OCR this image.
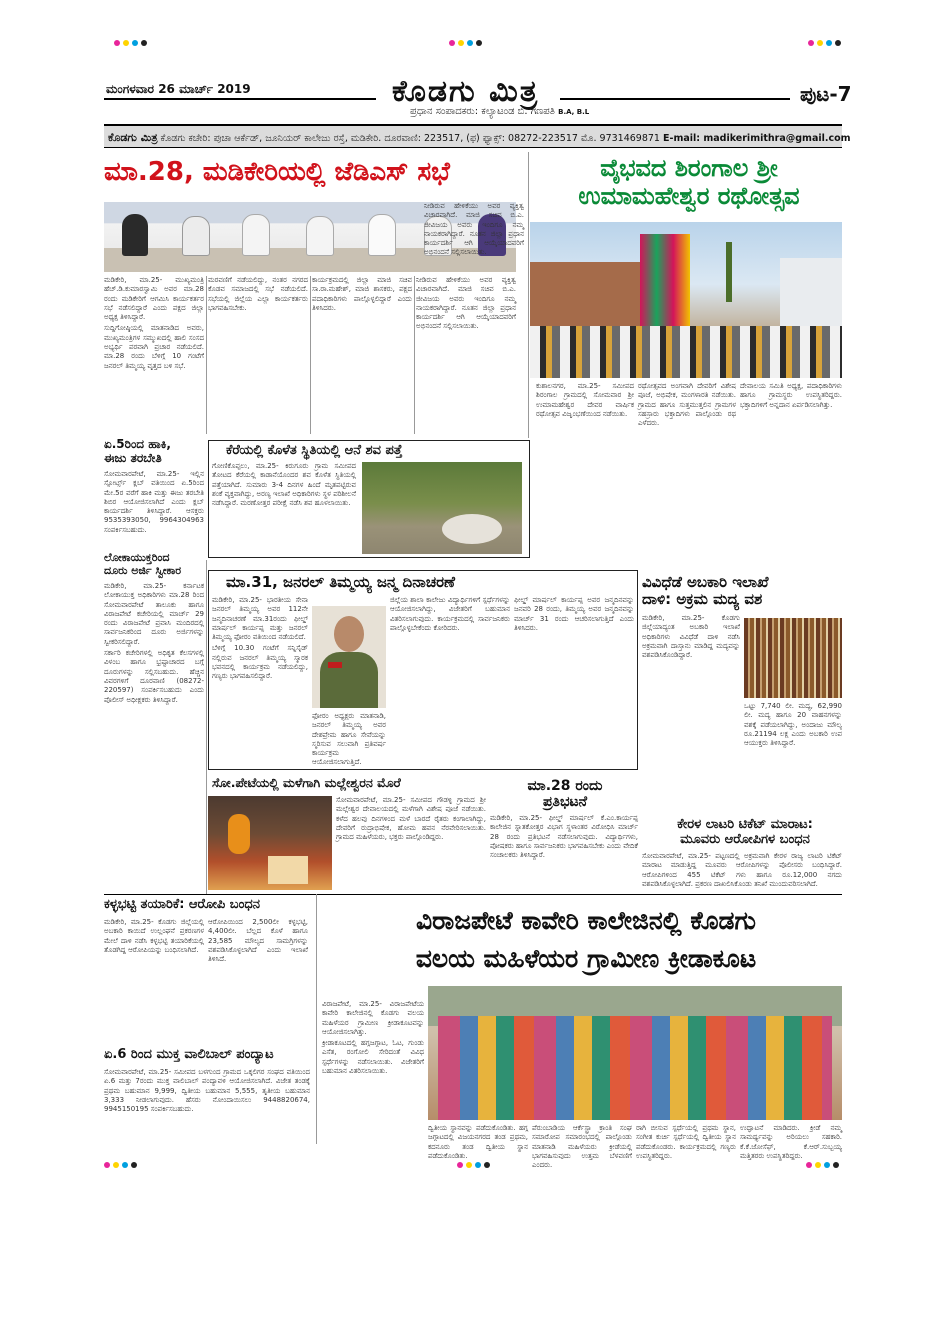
ಮಂಗಳವಾರ 26 ಮಾರ್ಚ್ 2019	ಕೊಡಗು ಮಿತ್ರ
ಪ್ರಧಾನ ಸಂಪಾದಕರು: ಕಲ್ಯಾಟಂಡ ಬಿ. ಗಣಪತಿ B.A, B.L
ಪುಟ-7
ಕೊಡಗು ಮಿತ್ರ ಕೊಡಗು ಕಚೇರಿ: ಪುಚಾ ಆರ್ಕೆಡ್, ಜೂನಿಯರ್ ಕಾಲೇಜು ರಸ್ತೆ, ಮಡಿಕೇರಿ. ದೂರವಾಣಿ: 223517, (ಫ) ಫ್ಯಾಕ್ಸ್: 08272-223517 ಮೊ. 9731469871 E-mail: madikerimithra@gmail.com
ಮಾ.28, ಮಡಿಕೇರಿಯಲ್ಲಿ ಜೆಡಿಎಸ್ ಸಭೆ

ಮಡಿಕೇರಿ, ಮಾ.25- ಮುಖ್ಯಮಂತ್ರಿ ಹೆಚ್.ಡಿ.ಕುಮಾರಸ್ವಾಮಿ ಅವರ ಮಾ.28 ರಂದು ಮಡಿಕೇರಿಗೆ ಆಗಮಿಸಿ ಕಾರ್ಯಕರ್ತರ ಸಭೆ ನಡೆಸಲಿದ್ದಾರೆ ಎಂದು ಪಕ್ಷದ ಜಿಲ್ಲಾ ಅಧ್ಯಕ್ಷ ತಿಳಿಸಿದ್ದಾರೆ.

ಸುದ್ದಿಗೋಷ್ಠಿಯಲ್ಲಿ ಮಾತನಾಡಿದ ಅವರು, ಮುಖ್ಯಮಂತ್ರಿಗಳ ಸಮ್ಮುಖದಲ್ಲಿ ಹಾಲಿ ಸಂಸದ ಅಭ್ಯರ್ಥಿ ಪರವಾಗಿ ಪ್ರಚಾರ ನಡೆಯಲಿದೆ. ಮಾ.28 ರಂದು ಬೆಳಿಗ್ಗೆ 10 ಗಂಟೆಗೆ ಜನರಲ್ ತಿಮ್ಮಯ್ಯ ವೃತ್ತದ ಬಳಿ ಸಭೆ.

ಮರವಣಿಗೆ ನಡೆಯಲಿದ್ದು, ನಂತರ ನಗರದ ಕೊಡವ ಸಮಾಜದಲ್ಲಿ ಸಭೆ ನಡೆಯಲಿದೆ. ಸಭೆಯಲ್ಲಿ ಜಿಲ್ಲೆಯ ಎಲ್ಲಾ ಕಾರ್ಯಕರ್ತರು ಭಾಗವಹಿಸಬೇಕು.

ಕಾರ್ಯಕ್ರಮದಲ್ಲಿ ಜಿಲ್ಲಾ ಮಾಜಿ ಸಚಿವ ಸಾ.ರಾ.ಮಹೇಶ್, ಮಾಜಿ ಶಾಸಕರು, ಪಕ್ಷದ ಪದಾಧಿಕಾರಿಗಳು ಪಾಲ್ಗೊಳ್ಳಲಿದ್ದಾರೆ ಎಂದು ತಿಳಿಸಿದರು.

ನೀಡಿರುವ ಹೇಳಿಕೆಯು ಅವರ ವ್ಯಕ್ತಿತ್ವ ವಿಚಾರವಾಗಿದೆ. ಮಾಜಿ ಸಚಿವ ಬಿ.ಎ. ಜೀವಿಜಯ ಅವರು ಇಂದಿಗೂ ನಮ್ಮ ನಾಯಕರಾಗಿದ್ದಾರೆ. ನೂತನ ಜಿಲ್ಲಾ ಪ್ರಧಾನ ಕಾರ್ಯದರ್ಶಿ ಆಗಿ ಆಯ್ಕೆಯಾದವರಿಗೆ ಅಭಿನಂದನೆ ಸಲ್ಲಿಸಲಾಯಿತು.

ವೈಭವದ ಶಿರಂಗಾಲ ಶ್ರೀ
ಉಮಾಮಹೇಶ್ವರ ರಥೋತ್ಸವ

ನೀಡಿರುವ ಹೇಳಿಕೆಯು ಅವರ ವ್ಯಕ್ತಿತ್ವ ವಿಚಾರವಾಗಿದೆ. ಮಾಜಿ ಸಚಿವ ಬಿ.ಎ. ಜೀವಿಜಯ ಅವರು ಇಂದಿಗೂ ನಮ್ಮ ನಾಯಕರಾಗಿದ್ದಾರೆ. ನೂತನ ಜಿಲ್ಲಾ ಪ್ರಧಾನ ಕಾರ್ಯದರ್ಶಿ ಆಗಿ ಆಯ್ಕೆಯಾದವರಿಗೆ ಅಭಿನಂದನೆ ಸಲ್ಲಿಸಲಾಯಿತು.

ಕುಶಾಲನಗರ, ಮಾ.25- ಸಮೀಪದ ಶಿರಂಗಾಲ ಗ್ರಾಮದಲ್ಲಿ ಸೋಮವಾರ ಶ್ರೀ ಉಮಾಮಹೇಶ್ವರ ದೇವರ ವಾರ್ಷಿಕ ರಥೋತ್ಸವ ವಿಜೃಂಭಣೆಯಿಂದ ನಡೆಯಿತು.

ರಥೋತ್ಸವದ ಅಂಗವಾಗಿ ದೇವರಿಗೆ ವಿಶೇಷ ಪೂಜೆ, ಅಭಿಷೇಕ, ಮಂಗಳಾರತಿ ನಡೆಯಿತು. ಗ್ರಾಮದ ಹಾಗೂ ಸುತ್ತಮುತ್ತಲಿನ ಗ್ರಾಮಗಳ ಸಹಸ್ರಾರು ಭಕ್ತಾದಿಗಳು ಪಾಲ್ಗೊಂಡು ರಥ ಎಳೆದರು.

ದೇವಾಲಯ ಸಮಿತಿ ಅಧ್ಯಕ್ಷ, ಪದಾಧಿಕಾರಿಗಳು ಹಾಗೂ ಗ್ರಾಮಸ್ಥರು ಉಪಸ್ಥಿತರಿದ್ದರು. ಭಕ್ತಾದಿಗಳಿಗೆ ಅನ್ನದಾನ ಏರ್ಪಡಿಸಲಾಗಿತ್ತು.

ಏ.5ರಿಂದ ಹಾಕಿ,
ಈಜು ತರಬೇತಿ
ಸೋಮವಾರಪೇಟೆ, ಮಾ.25- ಇಲ್ಲಿನ ಸ್ಪೋರ್ಟ್ಸ್ ಕ್ಲಬ್ ವತಿಯಿಂದ ಏ.5ರಿಂದ ಮೇ.5ರ ವರೆಗೆ ಹಾಕಿ ಮತ್ತು ಈಜು ತರಬೇತಿ ಶಿಬಿರ ಆಯೋಜಿಸಲಾಗಿದೆ ಎಂದು ಕ್ಲಬ್ ಕಾರ್ಯದರ್ಶಿ ತಿಳಿಸಿದ್ದಾರೆ. ಆಸಕ್ತರು 9535393050, 9964304963 ಸಂಪರ್ಕಿಸಬಹುದು.
ಕೆರೆಯಲ್ಲಿ ಕೊಳೆತ ಸ್ಥಿತಿಯಲ್ಲಿ ಆನೆ ಶವ ಪತ್ತೆ
ಗೋಣಿಕೊಪ್ಪಲು, ಮಾ.25- ಕಿರುಗೂರು ಗ್ರಾಮ ಸಮೀಪದ ತೋಟದ ಕೆರೆಯಲ್ಲಿ ಕಾಡಾನೆಯೊಂದರ ಶವ ಕೊಳೆತ ಸ್ಥಿತಿಯಲ್ಲಿ ಪತ್ತೆಯಾಗಿದೆ. ಸುಮಾರು 3-4 ದಿನಗಳ ಹಿಂದೆ ಮೃತಪಟ್ಟಿರುವ ಶಂಕೆ ವ್ಯಕ್ತವಾಗಿದ್ದು, ಅರಣ್ಯ ಇಲಾಖೆ ಅಧಿಕಾರಿಗಳು ಸ್ಥಳ ಪರಿಶೀಲನೆ ನಡೆಸಿದ್ದಾರೆ. ಮರಣೋತ್ತರ ಪರೀಕ್ಷೆ ನಡೆಸಿ ಶವ ಹೂಳಲಾಯಿತು.
ಲೋಕಾಯುಕ್ತರಿಂದ
ದೂರು ಅರ್ಜಿ ಸ್ವೀಕಾರ

ಮಡಿಕೇರಿ, ಮಾ.25- ಕರ್ನಾಟಕ ಲೋಕಾಯುಕ್ತ ಅಧಿಕಾರಿಗಳು ಮಾ.28 ರಿಂದ ಸೋಮವಾರಪೇಟೆ ತಾಲೂಕು ಹಾಗೂ ವಿರಾಜಪೇಟೆ ಕಚೇರಿಯಲ್ಲಿ ಮಾರ್ಚ್ 29 ರಂದು ವಿರಾಜಪೇಟೆ ಪ್ರವಾಸಿ ಮಂದಿರದಲ್ಲಿ ಸಾರ್ವಜನಿಕರಿಂದ ದೂರು ಅರ್ಜಿಗಳನ್ನು ಸ್ವೀಕರಿಸಲಿದ್ದಾರೆ.

ಸರ್ಕಾರಿ ಕಚೇರಿಗಳಲ್ಲಿ ಅಧಿಕೃತ ಕೆಲಸಗಳಲ್ಲಿ ವಿಳಂಬ ಹಾಗೂ ಭ್ರಷ್ಟಾಚಾರದ ಬಗ್ಗೆ ದೂರುಗಳನ್ನು ಸಲ್ಲಿಸಬಹುದು. ಹೆಚ್ಚಿನ ವಿವರಗಳಿಗೆ ದೂರವಾಣಿ (08272-220597) ಸಂಪರ್ಕಿಸಬಹುದು ಎಂದು ಪೊಲೀಸ್ ಅಧೀಕ್ಷಕರು ತಿಳಿಸಿದ್ದಾರೆ.

ಮಾ.31, ಜನರಲ್ ತಿಮ್ಮಯ್ಯ ಜನ್ಮ ದಿನಾಚರಣೆ

ಮಡಿಕೇರಿ, ಮಾ.25- ಭಾರತೀಯ ಸೇನಾ ಜನರಲ್ ತಿಮ್ಮಯ್ಯ ಅವರ 112ನೇ ಜನ್ಮದಿನಾಚರಣೆ ಮಾ.31ರಂದು ಫೀಲ್ಡ್ ಮಾರ್ಷಲ್ ಕಾರ್ಯಪ್ಪ ಮತ್ತು ಜನರಲ್ ತಿಮ್ಮಯ್ಯ ಫೋರಂ ವತಿಯಿಂದ ನಡೆಯಲಿದೆ.

ಬೆಳಿಗ್ಗೆ 10.30 ಗಂಟೆಗೆ ಸನ್ನಿಸೈಡ್ ನಲ್ಲಿರುವ ಜನರಲ್ ತಿಮ್ಮಯ್ಯ ಸ್ಮಾರಕ ಭವನದಲ್ಲಿ ಕಾರ್ಯಕ್ರಮ ನಡೆಯಲಿದ್ದು, ಗಣ್ಯರು ಭಾಗವಹಿಸಲಿದ್ದಾರೆ.

ಫೋರಂ ಅಧ್ಯಕ್ಷರು ಮಾತನಾಡಿ, ಜನರಲ್ ತಿಮ್ಮಯ್ಯ ಅವರ ದೇಶಪ್ರೇಮ ಹಾಗೂ ಸೇವೆಯನ್ನು ಸ್ಮರಿಸುವ ಸಲುವಾಗಿ ಪ್ರತಿವರ್ಷ ಕಾರ್ಯಕ್ರಮ ಆಯೋಜಿಸಲಾಗುತ್ತಿದೆ.

ಜಿಲ್ಲೆಯ ಶಾಲಾ ಕಾಲೇಜು ವಿದ್ಯಾರ್ಥಿಗಳಿಗೆ ಸ್ಪರ್ಧೆಗಳನ್ನು ಆಯೋಜಿಸಲಾಗಿದ್ದು, ವಿಜೇತರಿಗೆ ಬಹುಮಾನ ವಿತರಿಸಲಾಗುವುದು. ಕಾರ್ಯಕ್ರಮದಲ್ಲಿ ಸಾರ್ವಜನಿಕರು ಪಾಲ್ಗೊಳ್ಳಬೇಕೆಂದು ಕೋರಿದರು.

ಫೀಲ್ಡ್ ಮಾರ್ಷಲ್ ಕಾರ್ಯಪ್ಪ ಅವರ ಜನ್ಮದಿನವನ್ನು ಜನವರಿ 28 ರಂದು, ತಿಮ್ಮಯ್ಯ ಅವರ ಜನ್ಮದಿನವನ್ನು ಮಾರ್ಚ್ 31 ರಂದು ಆಚರಿಸಲಾಗುತ್ತಿದೆ ಎಂದು ತಿಳಿಸಿದರು.

ವಿವಿಧೆಡೆ ಅಬಕಾರಿ ಇಲಾಖೆ
ದಾಳಿ: ಅಕ್ರಮ ಮದ್ಯ ವಶ

ಮಡಿಕೇರಿ, ಮಾ.25- ಕೊಡಗು ಜಿಲ್ಲೆಯಾದ್ಯಂತ ಅಬಕಾರಿ ಇಲಾಖೆ ಅಧಿಕಾರಿಗಳು ವಿವಿಧೆಡೆ ದಾಳಿ ನಡೆಸಿ ಅಕ್ರಮವಾಗಿ ದಾಸ್ತಾನು ಮಾಡಿದ್ದ ಮದ್ಯವನ್ನು ವಶಪಡಿಸಿಕೊಂಡಿದ್ದಾರೆ.

ಒಟ್ಟು 7,740 ಲೀ. ಮದ್ಯ, 62,990 ಲೀ. ಮದ್ಯ ಹಾಗೂ 20 ವಾಹನಗಳನ್ನು ವಶಕ್ಕೆ ಪಡೆಯಲಾಗಿದ್ದು, ಅಂದಾಜು ಮೌಲ್ಯ ರೂ.21194 ಲಕ್ಷ ಎಂದು ಅಬಕಾರಿ ಉಪ ಆಯುಕ್ತರು ತಿಳಿಸಿದ್ದಾರೆ.

ಸೋ.ಪೇಟೆಯಲ್ಲಿ ಮಳೆಗಾಗಿ ಮಲ್ಲೇಶ್ವರನ ಮೊರೆ
ಸೋಮವಾರಪೇಟೆ, ಮಾ.25- ಸಮೀಪದ ಗೌಡಳ್ಳಿ ಗ್ರಾಮದ ಶ್ರೀ ಮಲ್ಲೇಶ್ವರ ದೇವಾಲಯದಲ್ಲಿ ಮಳೆಗಾಗಿ ವಿಶೇಷ ಪೂಜೆ ನಡೆಯಿತು. ಕಳೆದ ಹಲವು ದಿನಗಳಿಂದ ಮಳೆ ಬಾರದೆ ರೈತರು ಕಂಗಾಲಾಗಿದ್ದು, ದೇವರಿಗೆ ರುದ್ರಾಭಿಷೇಕ, ಹೋಮ ಹವನ ನೆರವೇರಿಸಲಾಯಿತು. ಗ್ರಾಮದ ಮಹಿಳೆಯರು, ಭಕ್ತರು ಪಾಲ್ಗೊಂಡಿದ್ದರು.
ಮಾ.28 ರಂದು
ಪ್ರತಿಭಟನೆ
ಮಡಿಕೇರಿ, ಮಾ.25- ಫೀಲ್ಡ್ ಮಾರ್ಷಲ್ ಕೆ.ಎಂ.ಕಾರ್ಯಪ್ಪ ಕಾಲೇಜಿನ ಸ್ನಾತಕೋತ್ತರ ವಿಭಾಗ ಸ್ಥಳಾಂತರ ವಿರೋಧಿಸಿ ಮಾರ್ಚ್ 28 ರಂದು ಪ್ರತಿಭಟನೆ ನಡೆಸಲಾಗುವುದು. ವಿದ್ಯಾರ್ಥಿಗಳು, ಪೋಷಕರು ಹಾಗೂ ಸಾರ್ವಜನಿಕರು ಭಾಗವಹಿಸಬೇಕು ಎಂದು ವೇದಿಕೆ ಸಂಚಾಲಕರು ತಿಳಿಸಿದ್ದಾರೆ.
ಕೇರಳ ಲಾಟರಿ ಟಿಕೆಟ್ ಮಾರಾಟ:
ಮೂವರು ಆರೋಪಿಗಳ ಬಂಧನ
ಸೋಮವಾರಪೇಟೆ, ಮಾ.25- ಪಟ್ಟಣದಲ್ಲಿ ಅಕ್ರಮವಾಗಿ ಕೇರಳ ರಾಜ್ಯ ಲಾಟರಿ ಟಿಕೆಟ್ ಮಾರಾಟ ಮಾಡುತ್ತಿದ್ದ ಮೂವರು ಆರೋಪಿಗಳನ್ನು ಪೊಲೀಸರು ಬಂಧಿಸಿದ್ದಾರೆ. ಆರೋಪಿಗಳಿಂದ 455 ಟಿಕೆಟ್ ಗಳು ಹಾಗೂ ರೂ.12,000 ನಗದು ವಶಪಡಿಸಿಕೊಳ್ಳಲಾಗಿದೆ. ಪ್ರಕರಣ ದಾಖಲಿಸಿಕೊಂಡು ತನಿಖೆ ಮುಂದುವರಿಸಲಾಗಿದೆ.
ಕಳ್ಳಭಟ್ಟಿ ತಯಾರಿಕೆ: ಆರೋಪಿ ಬಂಧನ

ಮಡಿಕೇರಿ, ಮಾ.25- ಕೊಡಗು ಜಿಲ್ಲೆಯಲ್ಲಿ ಅಬಕಾರಿ ಕಾಯಿದೆ ಉಲ್ಲಂಘನೆ ಪ್ರಕರಣಗಳ ಮೇಲೆ ದಾಳಿ ನಡೆಸಿ ಕಳ್ಳಭಟ್ಟಿ ತಯಾರಿಕೆಯಲ್ಲಿ ತೊಡಗಿದ್ದ ಆರೋಪಿಯನ್ನು ಬಂಧಿಸಲಾಗಿದೆ.

ಆರೋಪಿಯಿಂದ 2,500ಲೀ ಕಳ್ಳಭಟ್ಟಿ, 4,400ಲೀ. ಬೆಲ್ಲದ ಕೊಳೆ ಹಾಗೂ 23,585 ಮೌಲ್ಯದ ಸಾಮಗ್ರಿಗಳನ್ನು ವಶಪಡಿಸಿಕೊಳ್ಳಲಾಗಿದೆ ಎಂದು ಇಲಾಖೆ ತಿಳಿಸಿದೆ.

ಏ.6 ರಿಂದ ಮುಕ್ತ ವಾಲಿಬಾಲ್ ಪಂದ್ಯಾಟ
ಸೋಮವಾರಪೇಟೆ, ಮಾ.25- ಸಮೀಪದ ಬಳಗುಂದ ಗ್ರಾಮದ ಒಕ್ಕಲಿಗರ ಸಂಘದ ವತಿಯಿಂದ ಏ.6 ಮತ್ತು 7ರಂದು ಮುಕ್ತ ವಾಲಿಬಾಲ್ ಪಂದ್ಯಾವಳಿ ಆಯೋಜಿಸಲಾಗಿದೆ. ವಿಜೇತ ತಂಡಕ್ಕೆ ಪ್ರಥಮ ಬಹುಮಾನ 9,999, ದ್ವಿತೀಯ ಬಹುಮಾನ 5,555, ತೃತೀಯ ಬಹುಮಾನ 3,333 ನೀಡಲಾಗುವುದು. ಹೆಸರು ನೋಂದಾಯಿಸಲು 9448820674, 9945150195 ಸಂಪರ್ಕಿಸಬಹುದು.
ವಿರಾಜಪೇಟೆ ಕಾವೇರಿ ಕಾಲೇಜಿನಲ್ಲಿ ಕೊಡಗು
ವಲಯ ಮಹಿಳೆಯರ ಗ್ರಾಮೀಣ ಕ್ರೀಡಾಕೂಟ

ವಿರಾಜಪೇಟೆ, ಮಾ.25- ವಿರಾಜಪೇಟೆಯ ಕಾವೇರಿ ಕಾಲೇಜಿನಲ್ಲಿ ಕೊಡಗು ವಲಯ ಮಹಿಳೆಯರ ಗ್ರಾಮೀಣ ಕ್ರೀಡಾಕೂಟವನ್ನು ಆಯೋಜಿಸಲಾಗಿತ್ತು.

ಕ್ರೀಡಾಕೂಟದಲ್ಲಿ ಹಗ್ಗಜಗ್ಗಾಟ, ಓಟ, ಗುಂಡು ಎಸೆತ, ರಂಗೋಲಿ ಸೇರಿದಂತೆ ವಿವಿಧ ಸ್ಪರ್ಧೆಗಳನ್ನು ನಡೆಸಲಾಯಿತು. ವಿಜೇತರಿಗೆ ಬಹುಮಾನ ವಿತರಿಸಲಾಯಿತು.

ದ್ವಿತೀಯ ಸ್ಥಾನವನ್ನು ಪಡೆದುಕೊಂಡಿತು. ಹಗ್ಗ ಜಗ್ಗಾಟದಲ್ಲಿ ವಿಜಯನಗರದ ತಂಡ ಪ್ರಥಮ, ಕದನೂರು ತಂಡ ದ್ವಿತೀಯ ಸ್ಥಾನ ಪಡೆದುಕೊಂಡಿತು.

ಪೆರುಂಬಾಡಿಯ ಆರ್ಕೆಸ್ಟ್ರಾ ಕ್ರಾಂತಿ ಸಂಘ ಸಮಾರೋಪ ಸಮಾರಂಭದಲ್ಲಿ ಪಾಲ್ಗೊಂಡು ಮಾತನಾಡಿ ಮಹಿಳೆಯರು ಕ್ರೀಡೆಯಲ್ಲಿ ಭಾಗವಹಿಸುವುದು ಉತ್ತಮ ಬೆಳವಣಿಗೆ ಎಂದರು.

ರಾಗಿ ಬೀಸುವ ಸ್ಪರ್ಧೆಯಲ್ಲಿ ಪ್ರಥಮ ಸ್ಥಾನ, ಸಂಗೀತ ಕುರ್ಚಿ ಸ್ಪರ್ಧೆಯಲ್ಲಿ ದ್ವಿತೀಯ ಸ್ಥಾನ ಪಡೆದುಕೊಂಡರು. ಕಾರ್ಯಕ್ರಮದಲ್ಲಿ ಗಣ್ಯರು ಉಪಸ್ಥಿತರಿದ್ದರು.

ಉದ್ಘಾಟನೆ ಮಾಡಿದರು. ಕ್ರೀಡೆ ನಮ್ಮ ಸಾಮರ್ಥ್ಯವನ್ನು ಅರಿಯಲು ಸಹಕಾರಿ. ಕೆ.ಕೆ.ಜೋಸೆಫ್, ಕೆ.ಆರ್.ಸುಬ್ಬಯ್ಯ ಮತ್ತಿತರರು ಉಪಸ್ಥಿತರಿದ್ದರು.
